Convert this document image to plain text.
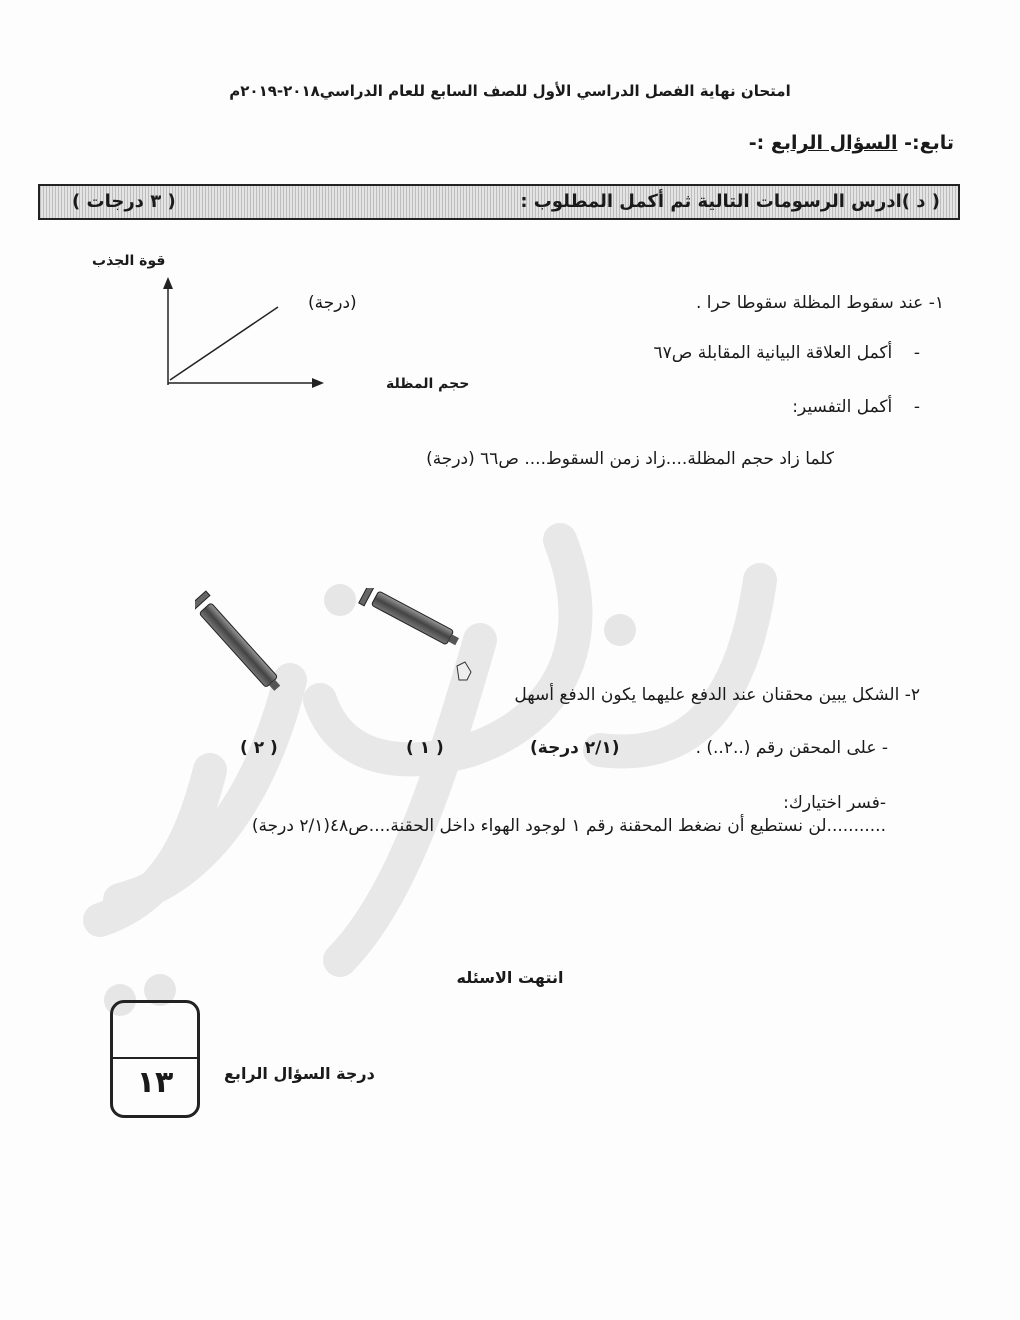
امتحان نهاية الفصل الدراسي الأول للصف السابع للعام الدراسي٢٠١٨-٢٠١٩م
تابع:- السؤال الرابع :-
( د )ادرس الرسومات التالية ثم أكمل المطلوب :
( ٣ درجات )
١- عند سقوط المظلة سقوطا حرا .
(درجة)
-    أكمل العلاقة البيانية المقابلة ص٦٧
-    أكمل التفسير:
كلما زاد حجم المظلة....زاد زمن السقوط.... ص٦٦ (درجة)
قوة الجذب
حجم المظلة
٢- الشكل يبين محقنان عند الدفع عليهما يكون الدفع أسهل
- على المحقن رقم (..٢..) .
(٢/١ درجة)
( ١ )
( ٢ )
-فسر اختيارك:
...........لن نستطيع أن نضغط المحقنة رقم ١ لوجود الهواء داخل الحقنة....ص٤٨(٢/١ درجة)
انتهت الاسئله
١٣	درجة السؤال الرابع
